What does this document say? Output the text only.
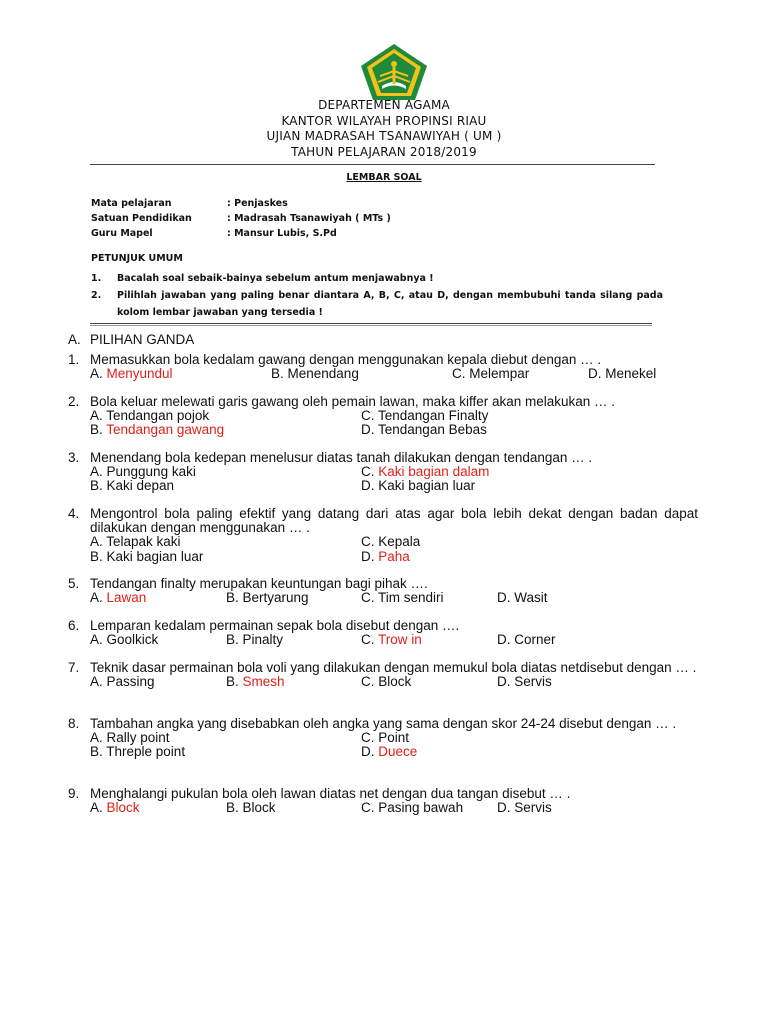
DEPARTEMEN AGAMA
KANTOR WILAYAH PROPINSI RIAU
UJIAN MADRASAH TSANAWIYAH ( UM )
TAHUN PELAJARAN 2018/2019
LEMBAR SOAL
Mata pelajaran	: Penjaskes
Satuan Pendidikan	: Madrasah Tsanawiyah ( MTs )
Guru Mapel	: Mansur Lubis, S.Pd
PETUNJUK UMUM
1. Bacalah soal sebaik-bainya sebelum antum menjawabnya !
2. Pilihlah jawaban yang paling benar diantara A, B, C, atau D, dengan membubuhi tanda silang pada kolom lembar jawaban yang tersedia !
A. PILIHAN GANDA
1. Memasukkan bola kedalam gawang dengan menggunakan kepala diebut dengan … .
A. Menyundul	B. Menendang	C. Melempar	D. Menekel
2. Bola keluar melewati garis gawang oleh pemain lawan, maka kiffer akan melakukan … .
A. Tendangan pojok	C. Tendangan Finalty
B. Tendangan gawang	D. Tendangan Bebas
3. Menendang bola kedepan menelusur diatas tanah dilakukan dengan tendangan … .
A. Punggung kaki	C. Kaki bagian dalam
B. Kaki depan	D. Kaki bagian luar
4. Mengontrol bola paling efektif yang datang dari atas agar bola lebih dekat dengan badan dapat dilakukan dengan menggunakan … .
A. Telapak kaki	C. Kepala
B. Kaki bagian luar	D. Paha
5. Tendangan finalty merupakan keuntungan bagi pihak ….
A. Lawan	B. Bertyarung	C. Tim sendiri	D. Wasit
6. Lemparan kedalam permainan sepak bola disebut dengan ….
A. Goolkick	B. Pinalty	C. Trow in	D. Corner
7. Teknik dasar permainan bola voli yang dilakukan dengan memukul bola diatas netdisebut dengan … .
A. Passing	B. Smesh	C. Block	D. Servis
8. Tambahan angka yang disebabkan oleh angka yang sama dengan skor 24-24 disebut dengan … .
A. Rally point	C. Point
B. Threple point	D. Duece
9. Menghalangi pukulan bola oleh lawan diatas net dengan dua tangan disebut … .
A. Block	B. Block	C. Pasing bawah	D. Servis
